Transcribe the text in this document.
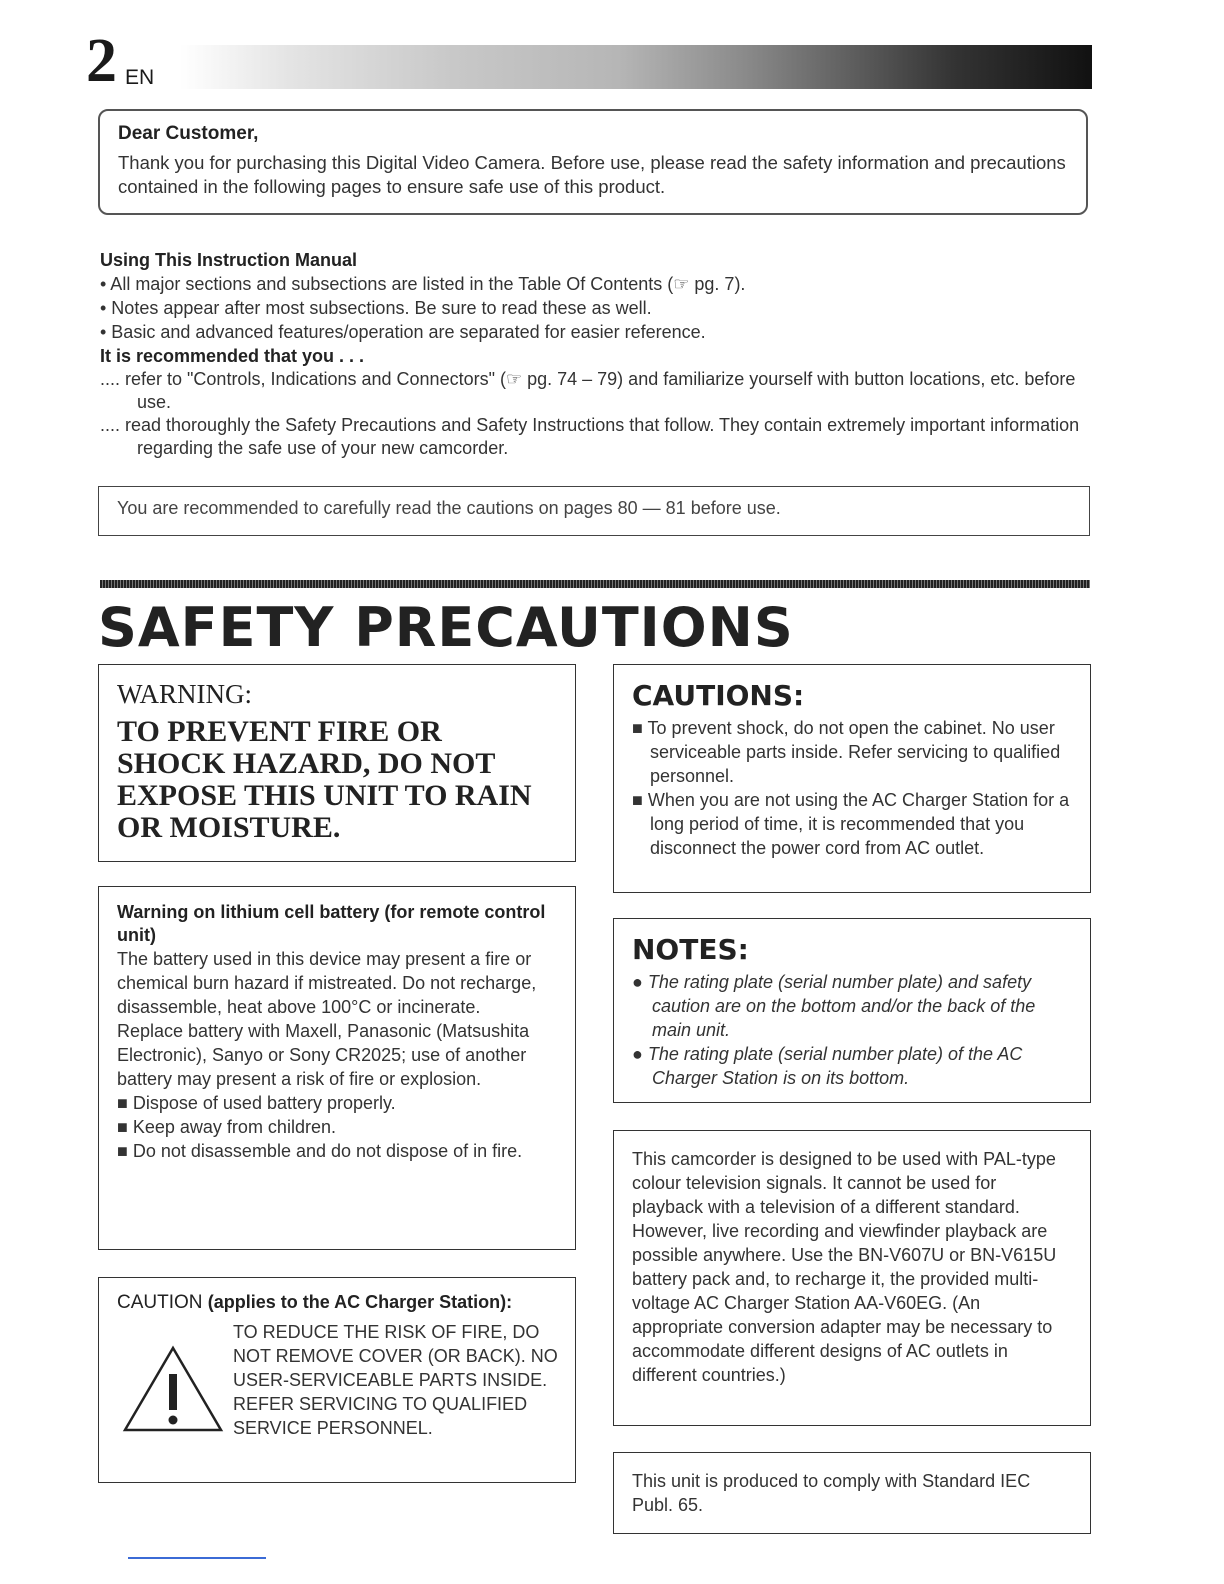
2 EN
Dear Customer,
Thank you for purchasing this Digital Video Camera. Before use, please read the safety information and precautions contained in the following pages to ensure safe use of this product.
Using This Instruction Manual
• All major sections and subsections are listed in the Table Of Contents (☞ pg. 7).
• Notes appear after most subsections. Be sure to read these as well.
• Basic and advanced features/operation are separated for easier reference.
It is recommended that you . . .
.... refer to "Controls, Indications and Connectors" (☞ pg. 74 – 79) and familiarize yourself with button locations, etc. before use.
.... read thoroughly the Safety Precautions and Safety Instructions that follow. They contain extremely important information regarding the safe use of your new camcorder.
You are recommended to carefully read the cautions on pages 80 — 81 before use.
SAFETY PRECAUTIONS
WARNING:
TO PREVENT FIRE OR SHOCK HAZARD, DO NOT EXPOSE THIS UNIT TO RAIN OR MOISTURE.
Warning on lithium cell battery (for remote control unit)
The battery used in this device may present a fire or chemical burn hazard if mistreated. Do not recharge, disassemble, heat above 100°C or incinerate.
Replace battery with Maxell, Panasonic (Matsushita Electronic), Sanyo or Sony CR2025; use of another battery may present a risk of fire or explosion.
■ Dispose of used battery properly.
■ Keep away from children.
■ Do not disassemble and do not dispose of in fire.
CAUTION (applies to the AC Charger Station):
TO REDUCE THE RISK OF FIRE, DO NOT REMOVE COVER (OR BACK). NO USER-SERVICEABLE PARTS INSIDE. REFER SERVICING TO QUALIFIED SERVICE PERSONNEL.
CAUTIONS:
■ To prevent shock, do not open the cabinet. No user serviceable parts inside. Refer servicing to qualified personnel.
■ When you are not using the AC Charger Station for a long period of time, it is recommended that you disconnect the power cord from AC outlet.
NOTES:
● The rating plate (serial number plate) and safety caution are on the bottom and/or the back of the main unit.
● The rating plate (serial number plate) of the AC Charger Station is on its bottom.
This camcorder is designed to be used with PAL-type colour television signals. It cannot be used for playback with a television of a different standard. However, live recording and viewfinder playback are possible anywhere. Use the BN-V607U or BN-V615U battery pack and, to recharge it, the provided multi-voltage AC Charger Station AA-V60EG. (An appropriate conversion adapter may be necessary to accommodate different designs of AC outlets in different countries.)
This unit is produced to comply with Standard IEC Publ. 65.
